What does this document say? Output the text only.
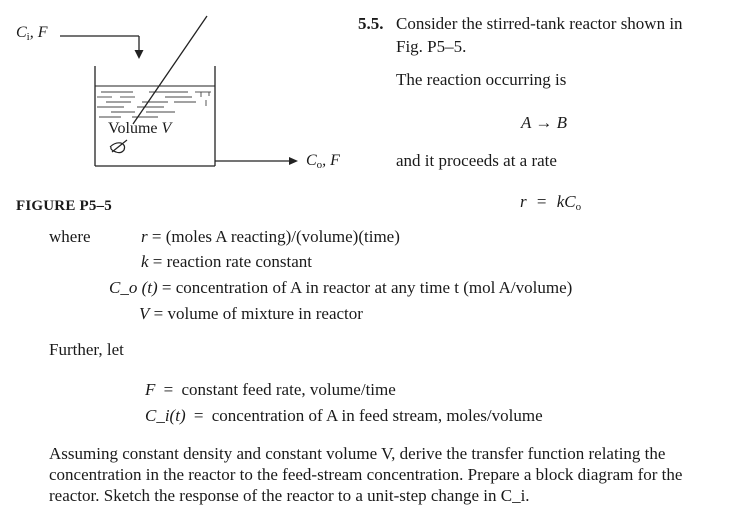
$C_i$, F
Volume V
$C_o$, F
FIGURE P5–5
5.5. Consider the stirred-tank reactor shown in
Fig. P5–5.
The reaction occurring is
A → B
and it proceeds at a rate
$r = kC_o$
where	r = (moles A reacting)/(volume)(time)
k = reaction rate constant
C_o (t) = concentration of A in reactor at any time t (mol A/volume)
V = volume of mixture in reactor
Further, let
F = constant feed rate, volume/time
C_i(t) = concentration of A in feed stream, moles/volume
Assuming constant density and constant volume V, derive the transfer function relating the concentration in the reactor to the feed-stream concentration. Prepare a block diagram for the reactor. Sketch the response of the reactor to a unit-step change in C_i.
